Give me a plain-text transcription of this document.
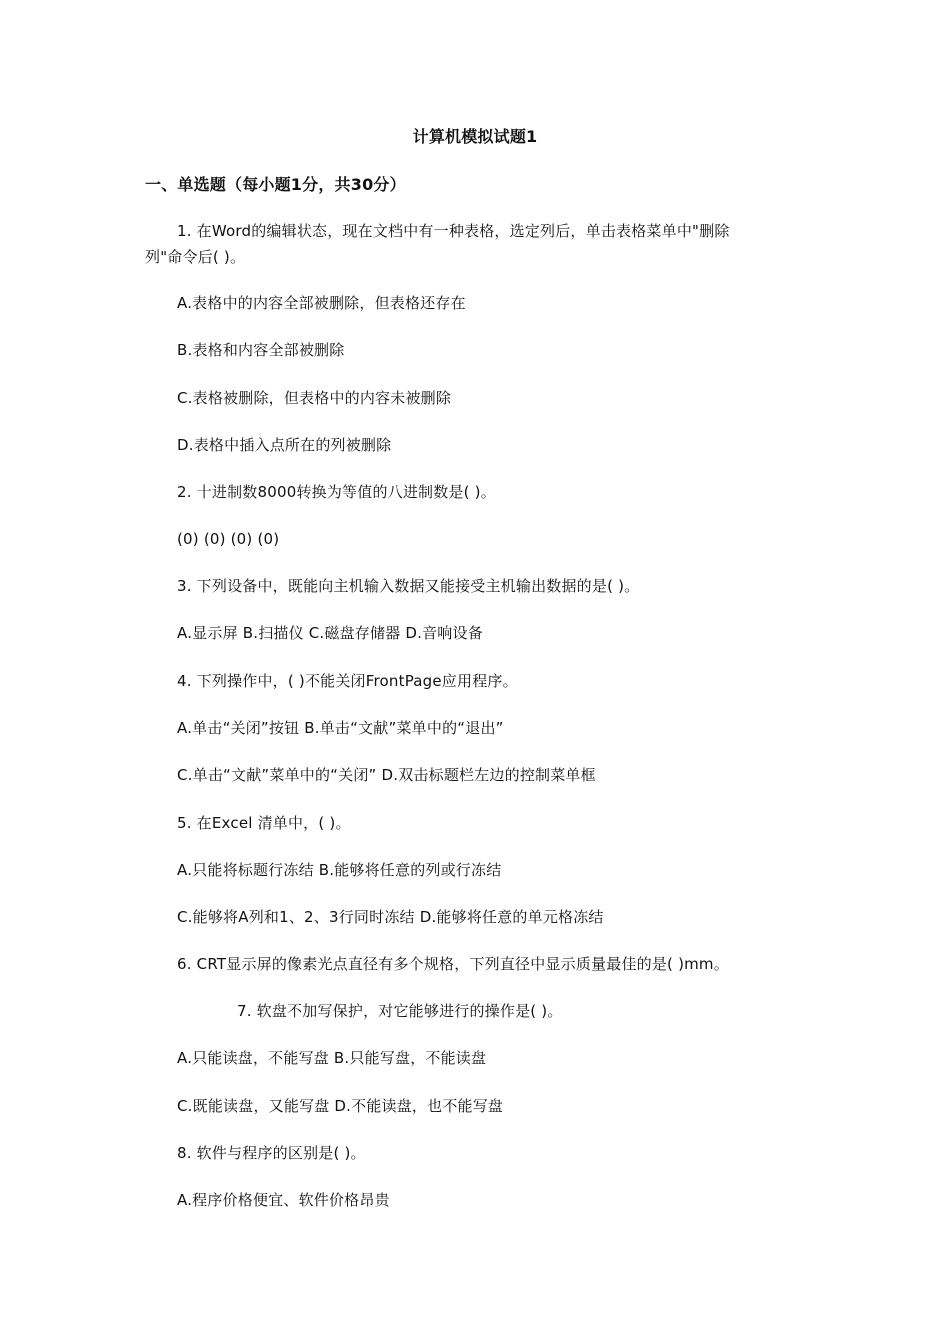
计算机模拟试题1
一、单选题（每小题1分，共30分）
1. 在Word的编辑状态，现在文档中有一种表格，选定列后，单击表格菜单中"删除
列"命令后( )。
A.表格中的内容全部被删除，但表格还存在
B.表格和内容全部被删除
C.表格被删除，但表格中的内容未被删除
D.表格中插入点所在的列被删除
2. 十进制数8000转换为等值的八进制数是( )。
(0) (0) (0) (0)
3. 下列设备中，既能向主机输入数据又能接受主机输出数据的是( )。
A.显示屏 B.扫描仪 C.磁盘存储器 D.音响设备
4. 下列操作中，( )不能关闭FrontPage应用程序。
A.单击“关闭”按钮 B.单击“文献”菜单中的“退出”
C.单击“文献”菜单中的“关闭” D.双击标题栏左边的控制菜单框
5. 在Excel 清单中，( )。
A.只能将标题行冻结 B.能够将任意的列或行冻结
C.能够将A列和1、2、3行同时冻结 D.能够将任意的单元格冻结
6. CRT显示屏的像素光点直径有多个规格，下列直径中显示质量最佳的是( )mm。
7. 软盘不加写保护，对它能够进行的操作是( )。
A.只能读盘，不能写盘 B.只能写盘，不能读盘
C.既能读盘，又能写盘 D.不能读盘，也不能写盘
8. 软件与程序的区别是( )。
A.程序价格便宜、软件价格昂贵
